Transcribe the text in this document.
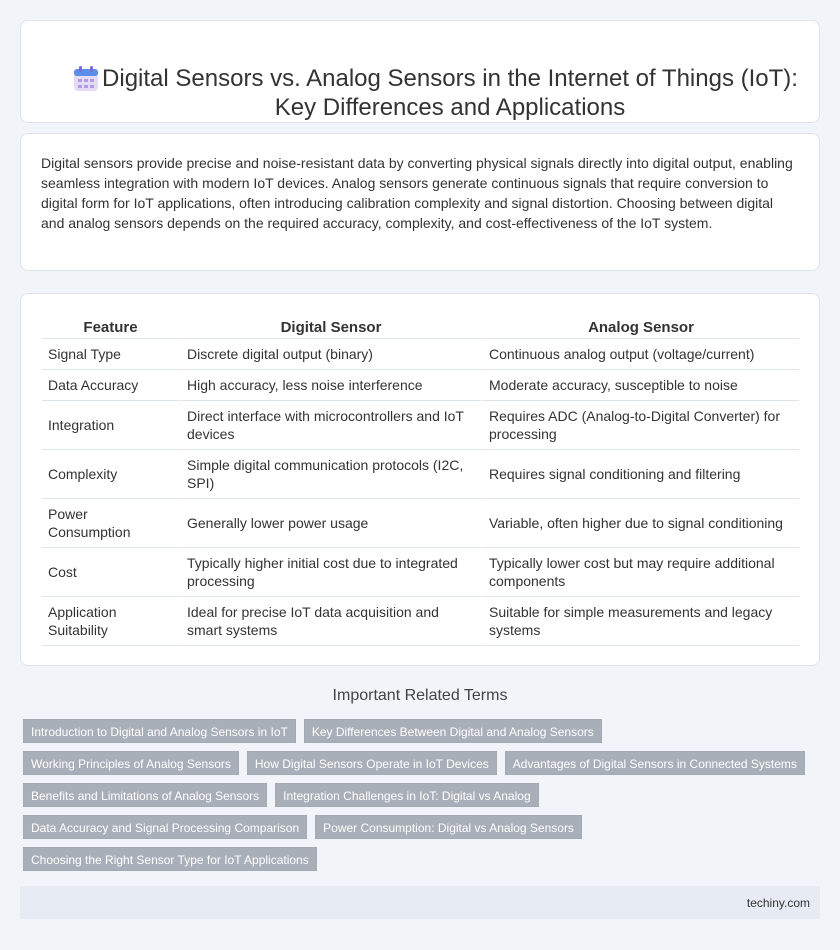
Digital Sensors vs. Analog Sensors in the Internet of Things (IoT): Key Differences and Applications

Digital sensors provide precise and noise-resistant data by converting physical signals directly into digital output, enabling seamless integration with modern IoT devices. Analog sensors generate continuous signals that require conversion to digital form for IoT applications, often introducing calibration complexity and signal distortion. Choosing between digital and analog sensors depends on the required accuracy, complexity, and cost-effectiveness of the IoT system.

Feature	Digital Sensor	Analog Sensor
Signal Type	Discrete digital output (binary)	Continuous analog output (voltage/current)
Data Accuracy	High accuracy, less noise interference	Moderate accuracy, susceptible to noise
Integration	Direct interface with microcontrollers and IoT devices	Requires ADC (Analog-to-Digital Converter) for processing
Complexity	Simple digital communication protocols (I2C, SPI)	Requires signal conditioning and filtering
Power Consumption	Generally lower power usage	Variable, often higher due to signal conditioning
Cost	Typically higher initial cost due to integrated processing	Typically lower cost but may require additional components
Application Suitability	Ideal for precise IoT data acquisition and smart systems	Suitable for simple measurements and legacy systems
Important Related Terms
Introduction to Digital and Analog Sensors in IoT	Key Differences Between Digital and Analog Sensors
Working Principles of Analog Sensors	How Digital Sensors Operate in IoT Devices	Advantages of Digital Sensors in Connected Systems
Benefits and Limitations of Analog Sensors	Integration Challenges in IoT: Digital vs Analog
Data Accuracy and Signal Processing Comparison	Power Consumption: Digital vs Analog Sensors
Choosing the Right Sensor Type for IoT Applications
techiny.com
